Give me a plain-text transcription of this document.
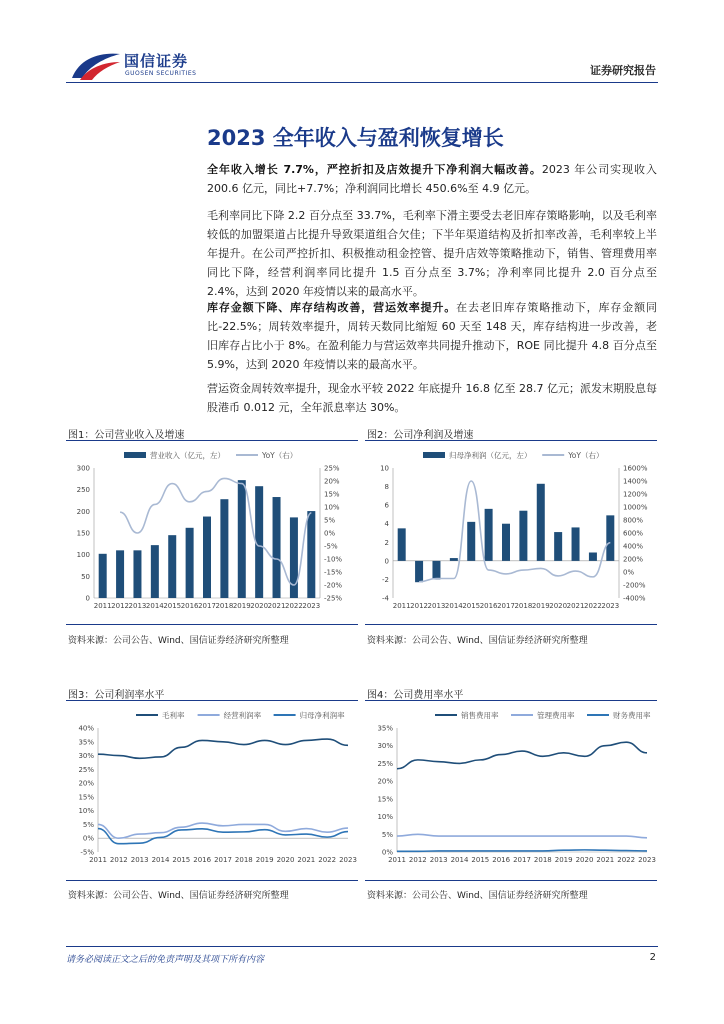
国信证券
GUOSEN SECURITIES	证券研究报告
2023 全年收入与盈利恢复增长
全年收入增长 7.7%，严控折扣及店效提升下净利润大幅改善。2023 年公司实现收入 200.6 亿元，同比+7.7%；净利润同比增长 450.6%至 4.9 亿元。
毛利率同比下降 2.2 百分点至 33.7%，毛利率下滑主要受去老旧库存策略影响，以及毛利率较低的加盟渠道占比提升导致渠道组合欠佳；下半年渠道结构及折扣率改善，毛利率较上半年提升。在公司严控折扣、积极推动租金控管、提升店效等策略推动下，销售、管理费用率同比下降，经营利润率同比提升 1.5 百分点至 3.7%；净利率同比提升 2.0 百分点至 2.4%，达到 2020 年疫情以来的最高水平。
库存金额下降、库存结构改善，营运效率提升。在去老旧库存策略推动下，库存金额同比-22.5%；周转效率提升，周转天数同比缩短 60 天至 148 天，库存结构进一步改善，老旧库存占比小于 8%。在盈利能力与营运效率共同提升推动下，ROE 同比提升 4.8 百分点至 5.9%，达到 2020 年疫情以来的最高水平。
营运资金周转效率提升，现金水平较 2022 年底提升 16.8 亿至 28.7 亿元；派发末期股息每股港币 0.012 元，全年派息率达 30%。
图1：公司营业收入及增速
0
50
100
150
200
250
300
-25%
-20%
-15%
-10%
-5%
0%
5%
10%
15%
20%
25%
2011 2012 2013 2014 2015 2016 2017 2018 2019 2020 2021 2022 2023
营业收入（亿元，左）	YoY（右）
资料来源：公司公告、Wind、国信证券经济研究所整理
图2：公司净利润及增速
-4
-2
0
2
4
6
8
10
-400%
-200%
0%
200%
400%
600%
800%
1000%
1200%
1400%
1600%
2011 2012 2013 2014 2015 2016 2017 2018 2019 2020 2021 2022 2023
归母净利润（亿元，左）	YoY（右）
资料来源：公司公告、Wind、国信证券经济研究所整理
图3：公司利润率水平
-5%
0%
5%
10%
15%
20%
25%
30%
35%
40%
2011 2012 2013 2014 2015 2016 2017 2018 2019 2020 2021 2022 2023
毛利率	经营利润率	归母净利润率
资料来源：公司公告、Wind、国信证券经济研究所整理
图4：公司费用率水平
0%
5%
10%
15%
20%
25%
30%
35%
2011 2012 2013 2014 2015 2016 2017 2018 2019 2020 2021 2022 2023
销售费用率	管理费用率	财务费用率
资料来源：公司公告、Wind、国信证券经济研究所整理
请务必阅读正文之后的免责声明及其项下所有内容	2
